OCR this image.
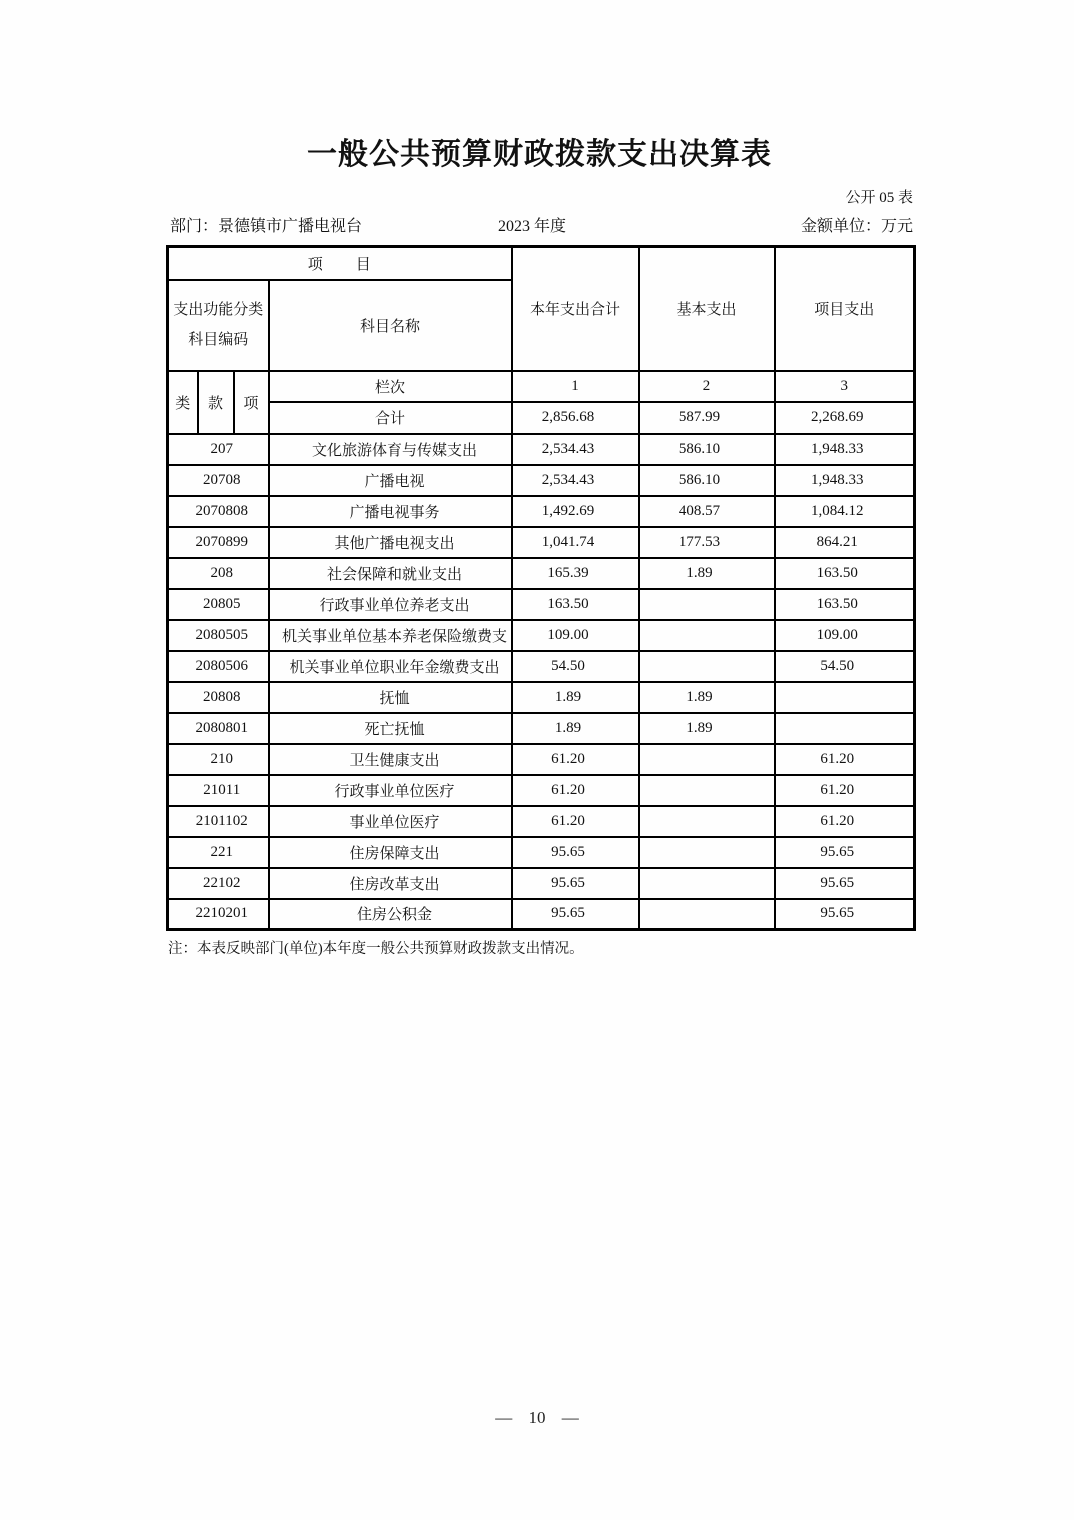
一般公共预算财政拨款支出决算表
公开 05 表
部门：景德镇市广播电视台	2023 年度	金额单位：万元
项　　目				本年支出合计	基本支出	项目支出

支出功能分类
科目编码			科目名称			
类	款	项	栏次	1	2	3
			合计	2,856.68	587.99	2,268.69
207			文化旅游体育与传媒支出	2,534.43	586.10	1,948.33
20708			广播电视	2,534.43	586.10	1,948.33
2070808			广播电视事务	1,492.69	408.57	1,084.12
2070899			其他广播电视支出	1,041.74	177.53	864.21
208			社会保障和就业支出	165.39	1.89	163.50
20805			行政事业单位养老支出	163.50		163.50
2080505			机关事业单位基本养老保险缴费支	109.00		109.00
2080506			机关事业单位职业年金缴费支出	54.50		54.50
20808			抚恤	1.89	1.89	
2080801			死亡抚恤	1.89	1.89	
210			卫生健康支出	61.20		61.20
21011			行政事业单位医疗	61.20		61.20
2101102			事业单位医疗	61.20		61.20
221			住房保障支出	95.65		95.65
22102			住房改革支出	95.65		95.65
2210201			住房公积金	95.65		95.65
注：本表反映部门(单位)本年度一般公共预算财政拨款支出情况。
— 10 —
